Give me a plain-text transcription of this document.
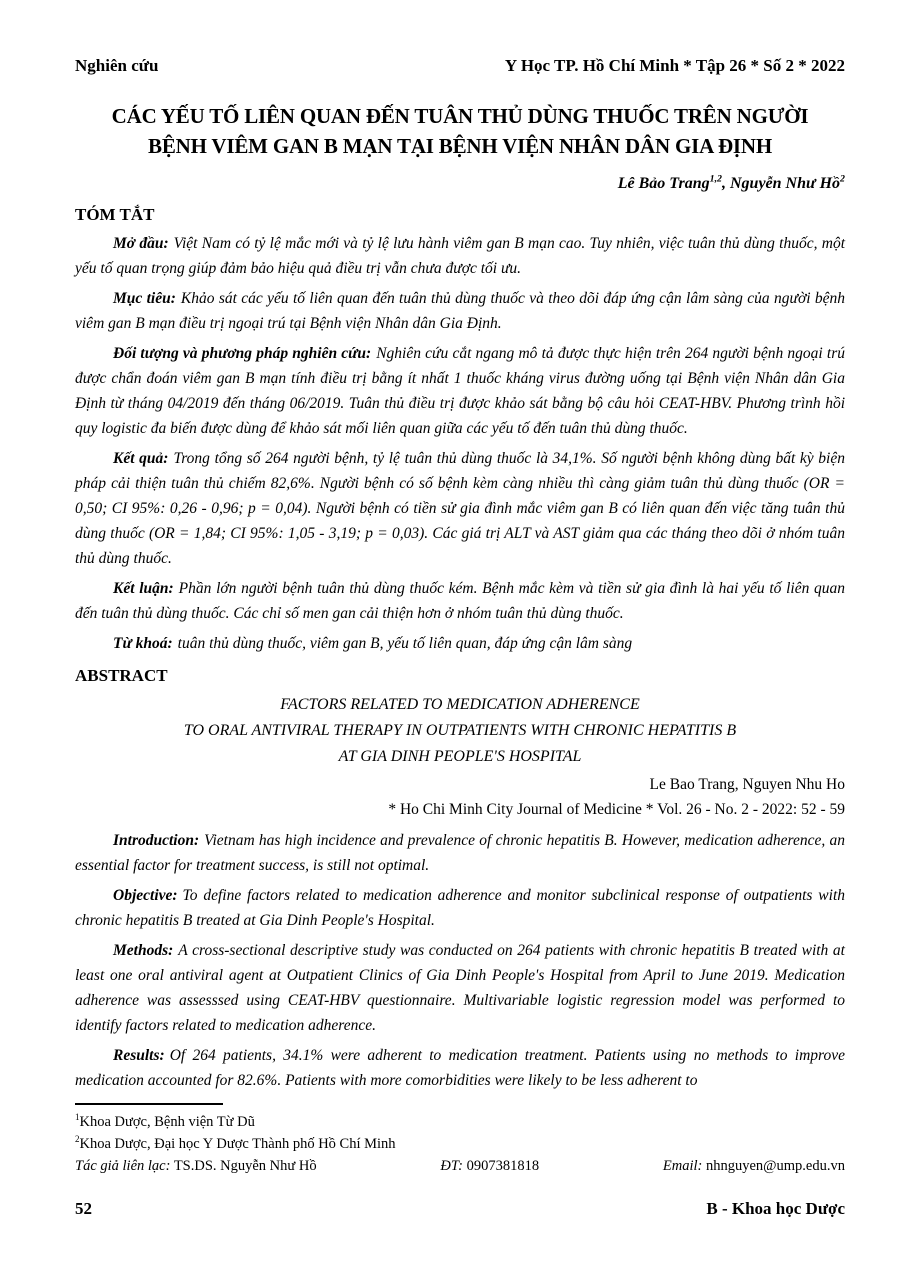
Nghiên cứu	Y Học TP. Hồ Chí Minh * Tập 26 * Số 2 * 2022
CÁC YẾU TỐ LIÊN QUAN ĐẾN TUÂN THỦ DÙNG THUỐC TRÊN NGƯỜI
BỆNH VIÊM GAN B MẠN TẠI BỆNH VIỆN NHÂN DÂN GIA ĐỊNH
Lê Bảo Trang$^{1,2}$, Nguyễn Như Hồ$^2$
TÓM TẮT

Mở đầu: Việt Nam có tỷ lệ mắc mới và tỷ lệ lưu hành viêm gan B mạn cao. Tuy nhiên, việc tuân thủ dùng thuốc, một yếu tố quan trọng giúp đảm bảo hiệu quả điều trị vẫn chưa được tối ưu.

Mục tiêu: Khảo sát các yếu tố liên quan đến tuân thủ dùng thuốc và theo dõi đáp ứng cận lâm sàng của người bệnh viêm gan B mạn điều trị ngoại trú tại Bệnh viện Nhân dân Gia Định.

Đối tượng và phương pháp nghiên cứu: Nghiên cứu cắt ngang mô tả được thực hiện trên 264 người bệnh ngoại trú được chẩn đoán viêm gan B mạn tính điều trị bằng ít nhất 1 thuốc kháng virus đường uống tại Bệnh viện Nhân dân Gia Định từ tháng 04/2019 đến tháng 06/2019. Tuân thủ điều trị được khảo sát bằng bộ câu hỏi CEAT-HBV. Phương trình hồi quy logistic đa biến được dùng để khảo sát mối liên quan giữa các yếu tố đến tuân thủ dùng thuốc.

Kết quả: Trong tổng số 264 người bệnh, tỷ lệ tuân thủ dùng thuốc là 34,1%. Số người bệnh không dùng bất kỳ biện pháp cải thiện tuân thủ chiếm 82,6%. Người bệnh có số bệnh kèm càng nhiều thì càng giảm tuân thủ dùng thuốc (OR = 0,50; CI 95%: 0,26 - 0,96; p = 0,04). Người bệnh có tiền sử gia đình mắc viêm gan B có liên quan đến việc tăng tuân thủ dùng thuốc (OR = 1,84; CI 95%: 1,05 - 3,19; p = 0,03). Các giá trị ALT và AST giảm qua các tháng theo dõi ở nhóm tuân thủ dùng thuốc.

Kết luận: Phần lớn người bệnh tuân thủ dùng thuốc kém. Bệnh mắc kèm và tiền sử gia đình là hai yếu tố liên quan đến tuân thủ dùng thuốc. Các chỉ số men gan cải thiện hơn ở nhóm tuân thủ dùng thuốc.

Từ khoá: tuân thủ dùng thuốc, viêm gan B, yếu tố liên quan, đáp ứng cận lâm sàng

ABSTRACT
FACTORS RELATED TO MEDICATION ADHERENCE
TO ORAL ANTIVIRAL THERAPY IN OUTPATIENTS WITH CHRONIC HEPATITIS B
AT GIA DINH PEOPLE'S HOSPITAL
Le Bao Trang, Nguyen Nhu Ho
* Ho Chi Minh City Journal of Medicine * Vol. 26 - No. 2 - 2022: 52 - 59

Introduction: Vietnam has high incidence and prevalence of chronic hepatitis B. However, medication adherence, an essential factor for treatment success, is still not optimal.

Objective: To define factors related to medication adherence and monitor subclinical response of outpatients with chronic hepatitis B treated at Gia Dinh People's Hospital.

Methods: A cross-sectional descriptive study was conducted on 264 patients with chronic hepatitis B treated with at least one oral antiviral agent at Outpatient Clinics of Gia Dinh People's Hospital from April to June 2019. Medication adherence was assesssed using CEAT-HBV questionnaire. Multivariable logistic regression model was performed to identify factors related to medication adherence.

Results: Of 264 patients, 34.1% were adherent to medication treatment. Patients using no methods to improve medication accounted for 82.6%. Patients with more comorbidities were likely to be less adherent to

$^1$Khoa Dược, Bệnh viện Từ Dũ
$^2$Khoa Dược, Đại học Y Dược Thành phố Hồ Chí Minh
Tác giả liên lạc: TS.DS. Nguyễn Như Hồ	ĐT: 0907381818	Email: nhnguyen@ump.edu.vn
52	B - Khoa học Dược
